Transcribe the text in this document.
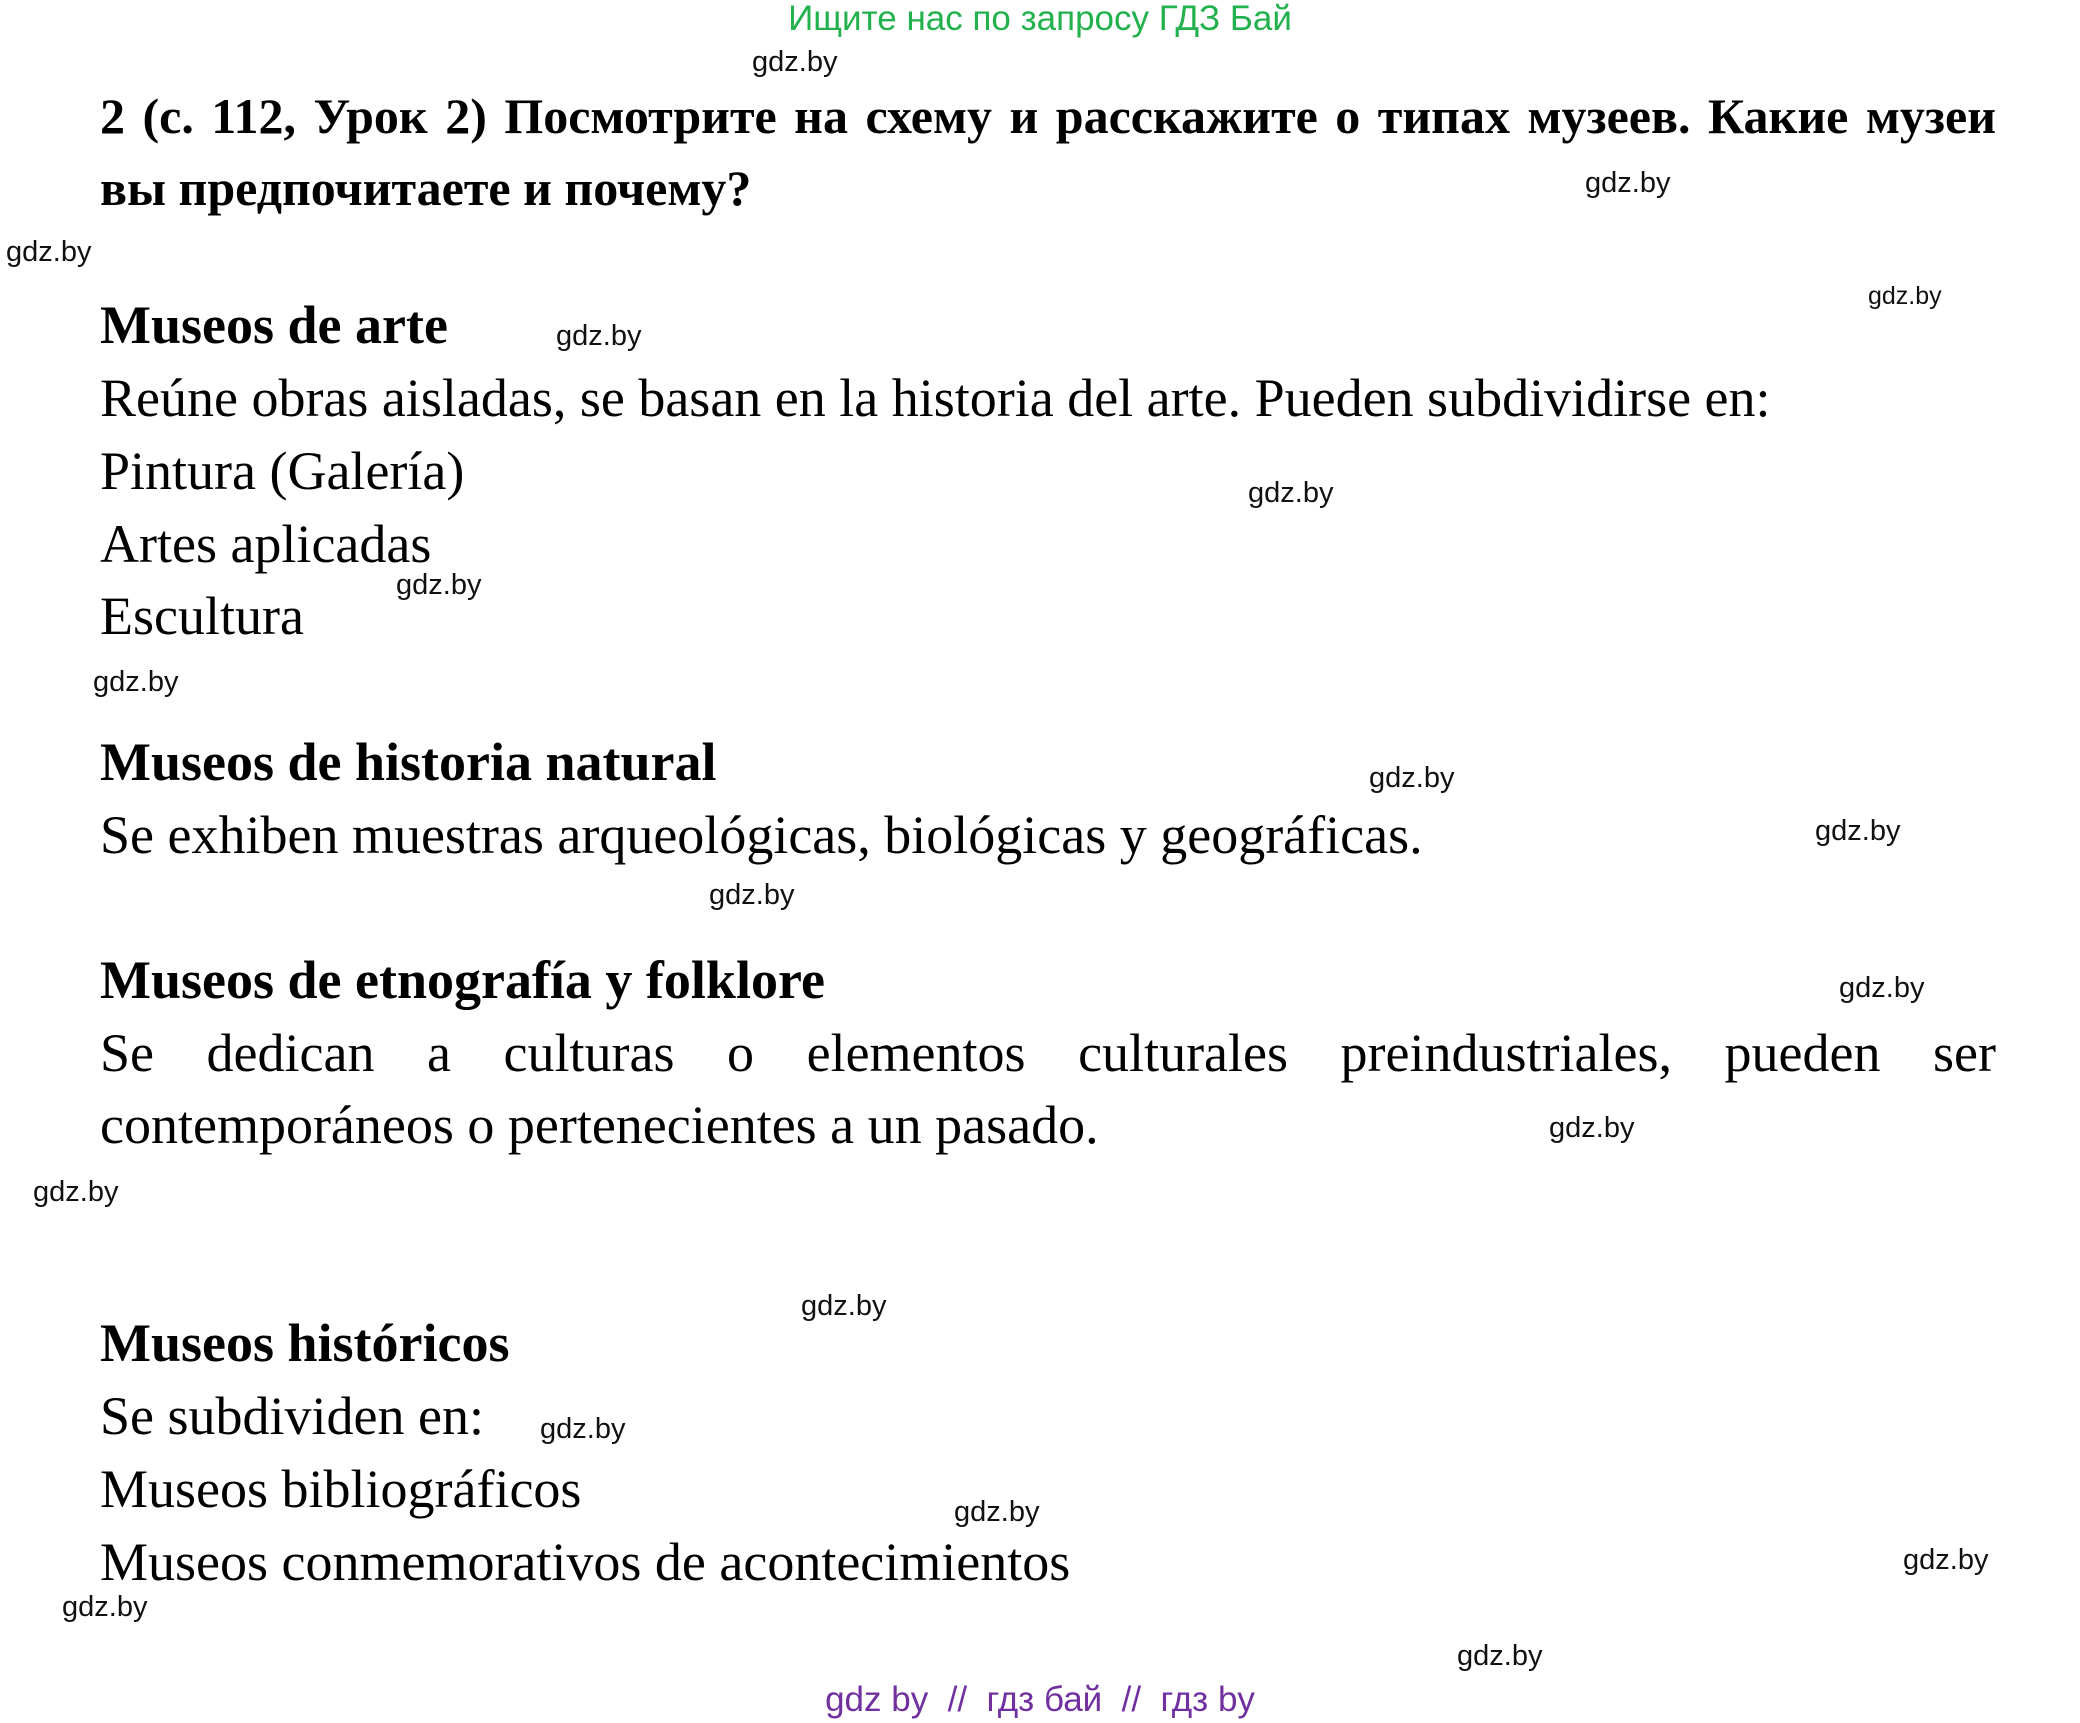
Ищите нас по запросу ГДЗ Бай
2 (с. 112, Урок 2) Посмотрите на схему и расскажите о типах музеев. Какие музеи вы предпочитаете и почему?
Museos de arte
Reúne obras aisladas, se basan en la historia del arte. Pueden subdividirse en:
Pintura (Galería)
Artes aplicadas
Escultura
Museos de historia natural
Se exhiben muestras arqueológicas, biológicas y geográficas.
Museos de etnografía y folklore
Se dedican a culturas o elementos culturales preindustriales, pueden ser contemporáneos o pertenecientes a un pasado.
Museos históricos
Se subdividen en:
Museos bibliográficos
Museos conmemorativos de acontecimientos
gdz.by
gdz.by
gdz.by
gdz.by
gdz.by
gdz.by
gdz.by
gdz.by
gdz.by
gdz.by
gdz.by
gdz.by
gdz.by
gdz.by
gdz.by
gdz.by
gdz.by
gdz.by
gdz.by
gdz.by
gdz by  //  гдз бай  //  гдз by
